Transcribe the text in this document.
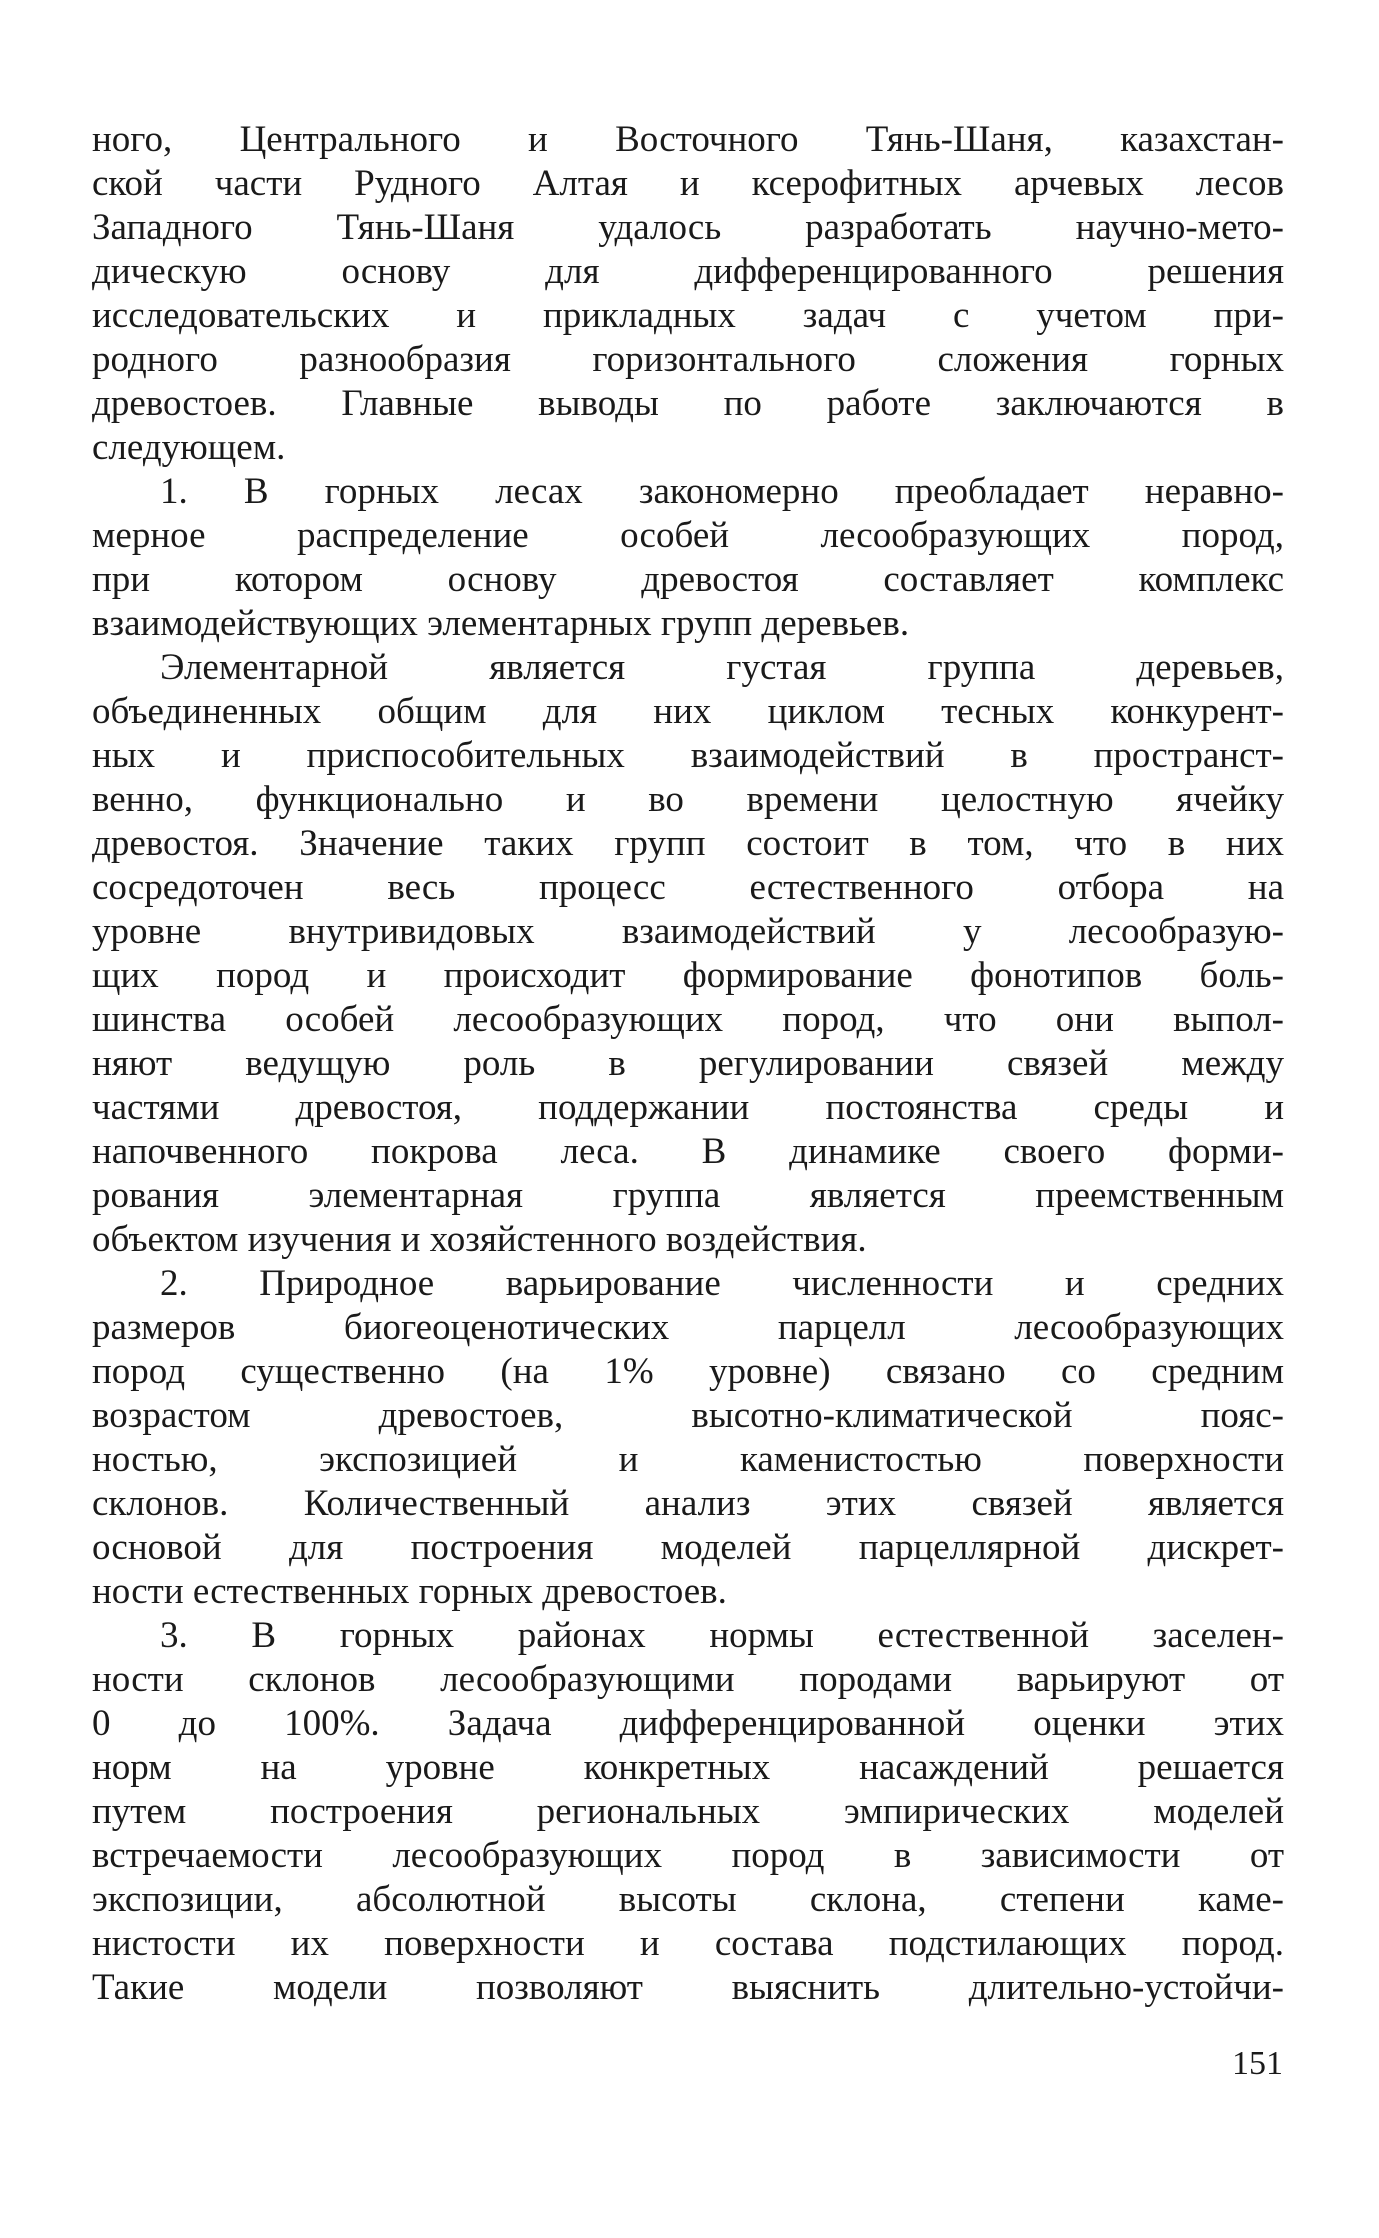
ного, Центрального и Восточного Тянь-Шаня, казахстан-
ской части Рудного Алтая и ксерофитных арчевых лесов
Западного Тянь-Шаня удалось разработать научно-мето-
дическую основу для дифференцированного решения
исследовательских и прикладных задач с учетом при-
родного разнообразия горизонтального сложения горных
древостоев. Главные выводы по работе заключаются в
следующем.
1. В горных лесах закономерно преобладает неравно-
мерное распределение особей лесообразующих пород,
при котором основу древостоя составляет комплекс
взаимодействующих элементарных групп деревьев.
Элементарной является густая группа деревьев,
объединенных общим для них циклом тесных конкурент-
ных и приспособительных взаимодействий в пространст-
венно, функционально и во времени целостную ячейку
древостоя. Значение таких групп состоит в том, что в них
сосредоточен весь процесс естественного отбора на
уровне внутривидовых взаимодействий у лесообразую-
щих пород и происходит формирование фонотипов боль-
шинства особей лесообразующих пород, что они выпол-
няют ведущую роль в регулировании связей между
частями древостоя, поддержании постоянства среды и
напочвенного покрова леса. В динамике своего форми-
рования элементарная группа является преемственным
объектом изучения и хозяйстенного воздействия.
2. Природное варьирование численности и средних
размеров биогеоценотических парцелл лесообразующих
пород существенно (на 1% уровне) связано со средним
возрастом древостоев, высотно-климатической пояс-
ностью, экспозицией и каменистостью поверхности
склонов. Количественный анализ этих связей является
основой для построения моделей парцеллярной дискрет-
ности естественных горных древостоев.
3. В горных районах нормы естественной заселен-
ности склонов лесообразующими породами варьируют от
0 до 100%. Задача дифференцированной оценки этих
норм на уровне конкретных насаждений решается
путем построения региональных эмпирических моделей
встречаемости лесообразующих пород в зависимости от
экспозиции, абсолютной высоты склона, степени каме-
нистости их поверхности и состава подстилающих пород.
Такие модели позволяют выяснить длительно-устойчи-
151
